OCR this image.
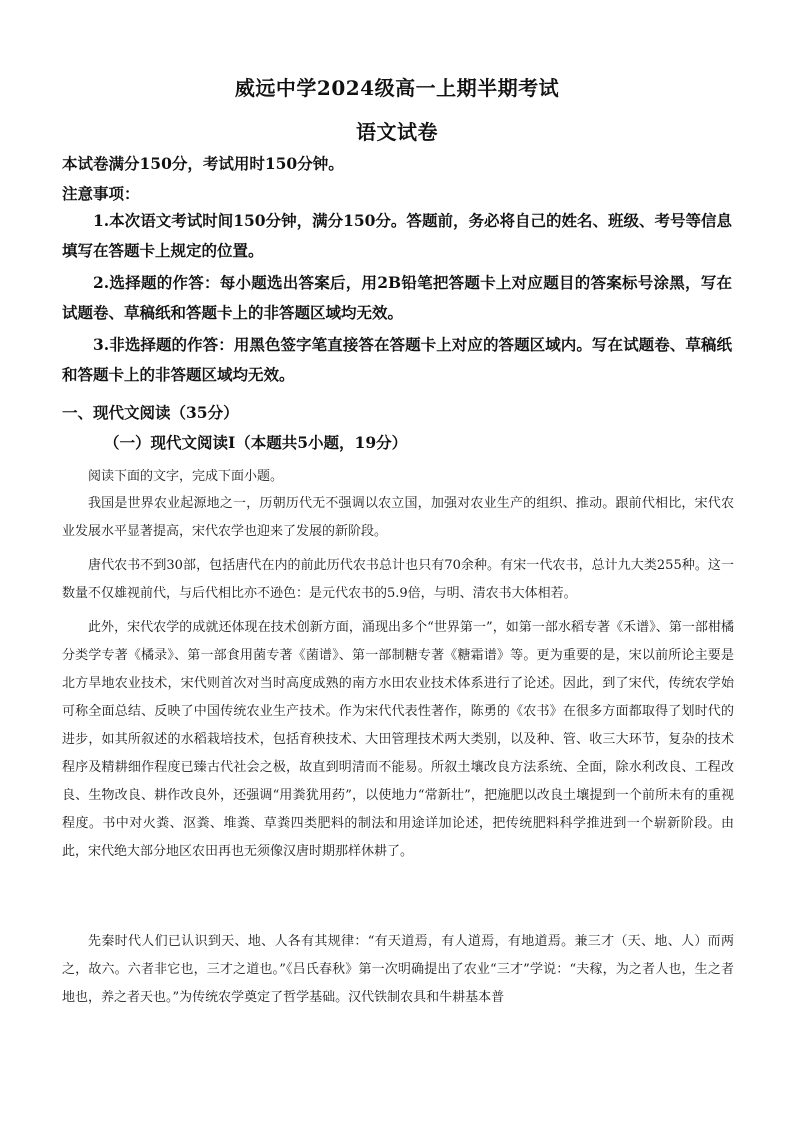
威远中学2024级高一上期半期考试
语文试卷
本试卷满分150分，考试用时150分钟。
注意事项：
1.本次语文考试时间150分钟，满分150分。答题前，务必将自己的姓名、班级、考号等信息填写在答题卡上规定的位置。
2.选择题的作答：每小题选出答案后，用2B铅笔把答题卡上对应题目的答案标号涂黑，写在试题卷、草稿纸和答题卡上的非答题区域均无效。
3.非选择题的作答：用黑色签字笔直接答在答题卡上对应的答题区域内。写在试题卷、草稿纸和答题卡上的非答题区域均无效。
一、现代文阅读（35分）
（一）现代文阅读Ⅰ（本题共5小题，19分）
阅读下面的文字，完成下面小题。
我国是世界农业起源地之一，历朝历代无不强调以农立国，加强对农业生产的组织、推动。跟前代相比，宋代农业发展水平显著提高，宋代农学也迎来了发展的新阶段。
唐代农书不到30部，包括唐代在内的前此历代农书总计也只有70余种。有宋一代农书，总计九大类255种。这一数量不仅雄视前代，与后代相比亦不逊色：是元代农书的5.9倍，与明、清农书大体相若。
此外，宋代农学的成就还体现在技术创新方面，涌现出多个“世界第一”，如第一部水稻专著《禾谱》、第一部柑橘分类学专著《橘录》、第一部食用菌专著《菌谱》、第一部制糖专著《糖霜谱》等。更为重要的是，宋以前所论主要是北方旱地农业技术，宋代则首次对当时高度成熟的南方水田农业技术体系进行了论述。因此，到了宋代，传统农学始可称全面总结、反映了中国传统农业生产技术。作为宋代代表性著作，陈勇的《农书》在很多方面都取得了划时代的进步，如其所叙述的水稻栽培技术，包括育秧技术、大田管理技术两大类别，以及种、管、收三大环节，复杂的技术程序及精耕细作程度已臻古代社会之极，故直到明清而不能易。所叙土壤改良方法系统、全面，除水利改良、工程改良、生物改良、耕作改良外，还强调“用粪犹用药”，以使地力“常新壮”，把施肥以改良土壤提到一个前所未有的重视程度。书中对火粪、沤粪、堆粪、草粪四类肥料的制法和用途详加论述，把传统肥料科学推进到一个崭新阶段。由此，宋代绝大部分地区农田再也无须像汉唐时期那样休耕了。
先秦时代人们已认识到天、地、人各有其规律：“有天道焉，有人道焉，有地道焉。兼三才（天、地、人）而两之，故六。六者非它也，三才之道也。”《吕氏春秋》第一次明确提出了农业“三才”学说：“夫稼，为之者人也，生之者地也，养之者天也。”为传统农学奠定了哲学基础。汉代铁制农具和牛耕基本普
